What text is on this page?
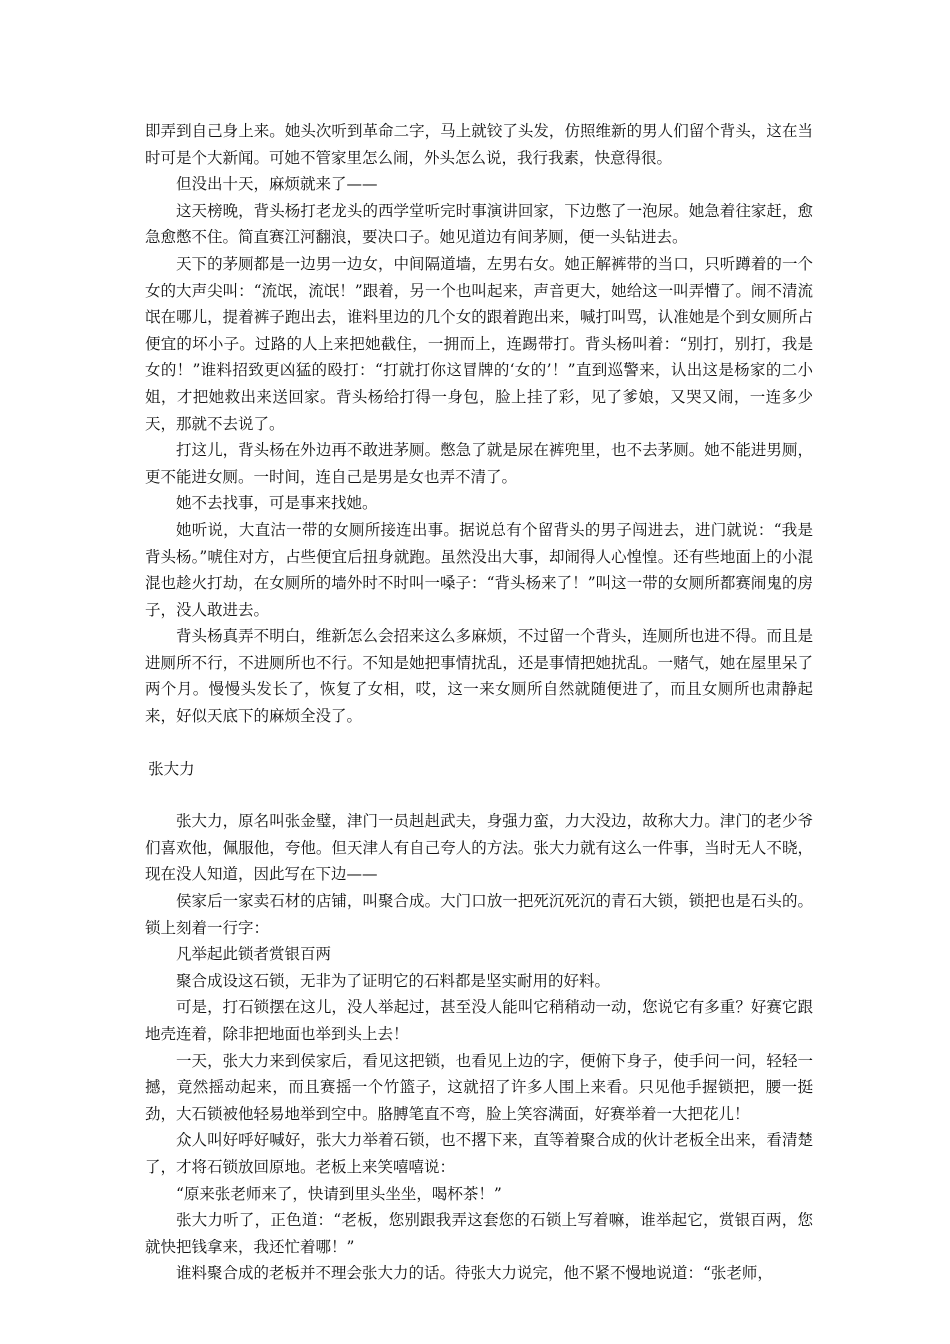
即弄到自己身上来。她头次听到革命二字，马上就铰了头发，仿照维新的男人们留个背头，这在当时可是个大新闻。可她不管家里怎么闹，外头怎么说，我行我素，快意得很。

但没出十天，麻烦就来了——

这天榜晚，背头杨打老龙头的西学堂听完时事演讲回家，下边憋了一泡尿。她急着往家赶，愈急愈憋不住。简直赛江河翻浪，要决口子。她见道边有间茅厕，便一头钻进去。

天下的茅厕都是一边男一边女，中间隔道墙，左男右女。她正解裤带的当口，只听蹲着的一个女的大声尖叫：“流氓，流氓！”跟着，另一个也叫起来，声音更大，她给这一叫弄懵了。闹不清流氓在哪儿，提着裤子跑出去，谁料里边的几个女的跟着跑出来，喊打叫骂，认准她是个到女厕所占便宜的坏小子。过路的人上来把她截住，一拥而上，连踢带打。背头杨叫着：“别打，别打，我是女的！”谁料招致更凶猛的殴打：“打就打你这冒牌的‘女的’！”直到巡警来，认出这是杨家的二小姐，才把她救出来送回家。背头杨给打得一身包，脸上挂了彩，见了爹娘，又哭又闹，一连多少天，那就不去说了。

打这儿，背头杨在外边再不敢进茅厕。憋急了就是尿在裤兜里，也不去茅厕。她不能进男厕，更不能进女厕。一时间，连自己是男是女也弄不清了。

她不去找事，可是事来找她。

她听说，大直沽一带的女厕所接连出事。据说总有个留背头的男子闯进去，进门就说：“我是背头杨。”唬住对方，占些便宜后扭身就跑。虽然没出大事，却闹得人心惶惶。还有些地面上的小混混也趁火打劫，在女厕所的墙外时不时叫一嗓子：“背头杨来了！”叫这一带的女厕所都赛闹鬼的房子，没人敢进去。

背头杨真弄不明白，维新怎么会招来这么多麻烦，不过留一个背头，连厕所也进不得。而且是进厕所不行，不进厕所也不行。不知是她把事情扰乱，还是事情把她扰乱。一赌气，她在屋里呆了两个月。慢慢头发长了，恢复了女相，哎，这一来女厕所自然就随便进了，而且女厕所也肃静起来，好似天底下的麻烦全没了。

张大力

张大力，原名叫张金璧，津门一员赳赳武夫，身强力蛮，力大没边，故称大力。津门的老少爷们喜欢他，佩服他，夸他。但天津人有自己夸人的方法。张大力就有这么一件事，当时无人不晓，现在没人知道，因此写在下边——

侯家后一家卖石材的店铺，叫聚合成。大门口放一把死沉死沉的青石大锁，锁把也是石头的。锁上刻着一行字：

凡举起此锁者赏银百两

聚合成设这石锁，无非为了证明它的石料都是坚实耐用的好料。

可是，打石锁摆在这儿，没人举起过，甚至没人能叫它稍稍动一动，您说它有多重？好赛它跟地壳连着，除非把地面也举到头上去！

一天，张大力来到侯家后，看见这把锁，也看见上边的字，便俯下身子，使手问一问，轻轻一撼，竟然摇动起来，而且赛摇一个竹篮子，这就招了许多人围上来看。只见他手握锁把，腰一挺劲，大石锁被他轻易地举到空中。胳膊笔直不弯，脸上笑容满面，好赛举着一大把花儿！

众人叫好呼好喊好，张大力举着石锁，也不撂下来，直等着聚合成的伙计老板全出来，看清楚了，才将石锁放回原地。老板上来笑嘻嘻说：

“原来张老师来了，快请到里头坐坐，喝杯茶！”

张大力听了，正色道：“老板，您别跟我弄这套您的石锁上写着嘛，谁举起它，赏银百两，您就快把钱拿来，我还忙着哪！”

谁料聚合成的老板并不理会张大力的话。待张大力说完，他不紧不慢地说道：“张老师，
